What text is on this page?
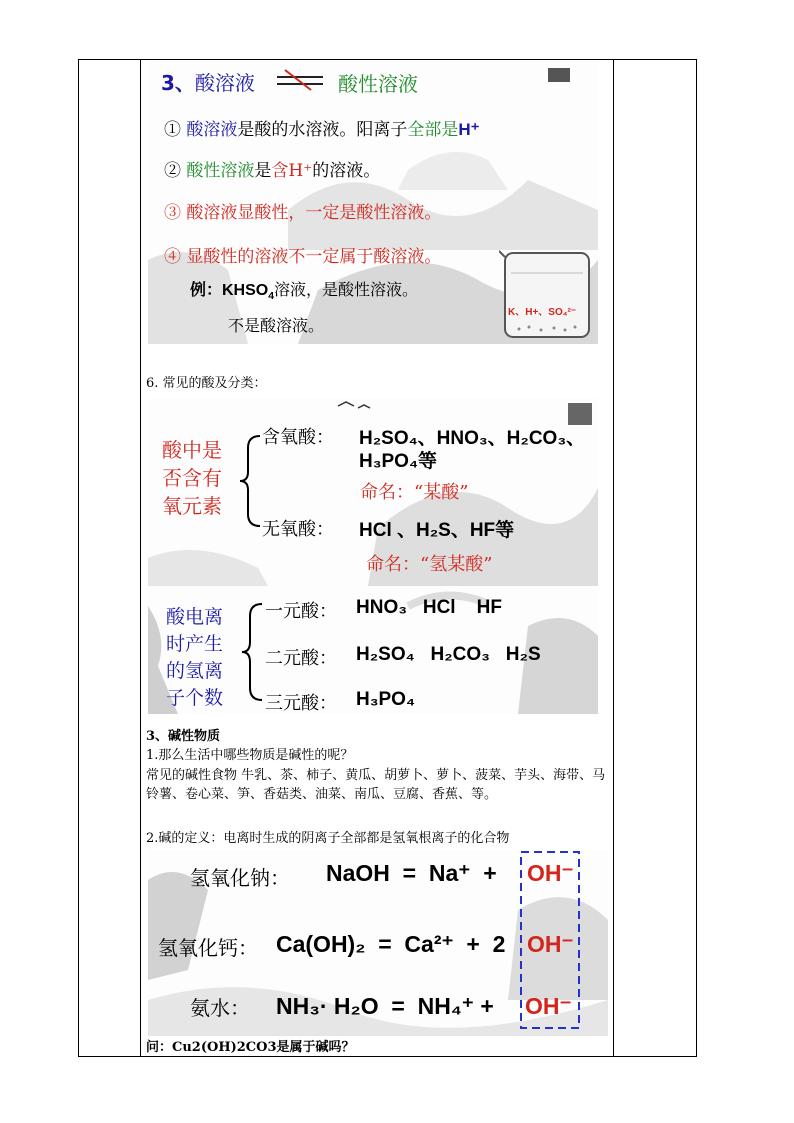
3、酸溶液	酸性溶液
① 酸溶液是酸的水溶液。阳离子全部是H⁺
② 酸性溶液是含H⁺的溶液。
③ 酸溶液显酸性，一定是酸性溶液。
④ 显酸性的溶液不一定属于酸溶液。
例：$KHSO_4$溶液，是酸性溶液。
不是酸溶液。
K、H+、SO₄²⁻
6. 常见的酸及分类：
酸中是
否含有
氧元素
含氧酸： H₂SO₄、HNO₃、H₂CO₃、
H₃PO₄等
命名：“某酸”
无氧酸： HCl 、H₂S、HF等
命名：“氢某酸”
酸电离
时产生
的氢离
子个数
一元酸： HNO₃   HCl    HF
二元酸： H₂SO₄   H₂CO₃   H₂S
三元酸： H₃PO₄
3、碱性物质
1.那么生活中哪些物质是碱性的呢？
常见的碱性食物 牛乳、茶、柿子、黄瓜、胡萝卜、萝卜、菠菜、芋头、海带、马铃薯、卷心菜、笋、香菇类、油菜、南瓜、豆腐、香蕉、等。
2.碱的定义：电离时生成的阴离子全部都是氢氧根离子的化合物
氢氧化钠： NaOH  =  Na⁺  + OH⁻
氢氧化钙： Ca(OH)₂  =  Ca²⁺  +  2 OH⁻
氨水： NH₃· H₂O  =  NH₄⁺ + OH⁻
问：Cu2(OH)2CO3是属于碱吗？
